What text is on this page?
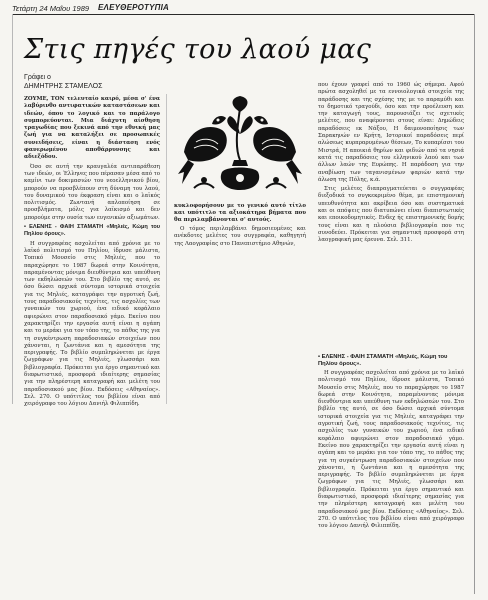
Τετάρτη 24 Μαΐου 1989 ΕΛΕΥΘΕΡΟΤΥΠΙΑ
Στις πηγές του λαού μας
Γράφει ο
ΔΗΜΗΤΡΗΣ ΣΤΑΜΕΛΟΣ

ΖΟΥΜΕ, ΤΟΝ τελευταίο καιρό, μέσα σ' ένα λαβύρινθο αντιφατικών καταστάσεων και ιδεών, όπου το λογικό και το παράλογο συμπορεύονται. Μια διάχυτη αίσθηση τραγωδίας που ξεκινά από την εθνική μας ζωή για να καταλήξει σε προσωπικές συνειδήσεις, είναι η διάσταση ενός φανερωμένου αποθάρρυνσης και αδιεξόδου.

Όσο σε αυτή την κραυγαλέα αντιπαράθεση των ιδεών, οι Έλληνες που πέρασαν μέσα από το καμίνι των δοκιμασιών του νεοελληνικού βίου, μπορούν να προσβλέπουν στη δύναμη του λαού, του δυναμικού του έκφραση είναι και ο λαϊκός πολιτισμός. Ζωντανή απλοποίηση σε προσβλήματα, μόλις για λαϊκισμό και δεν μπορούμε στην ουσία των ευγενικών αξιωμάτων.

• ΕΛΕΝΗΣ - ΦΑΙΗ ΣΤΑΜΑΤΗ «Μηλιές, Κώμη του Πηλίου όρους».

Η συγγραφέας ασχολείται από χρόνια με το λαϊκό πολιτισμό του Πηλίου, ίδρυσε μάλιστα, Τοπικό Μουσείο στις Μηλιές, που το παραχώρησε το 1987 δωρεά στην Κοινότητα, παραμένοντας μόνιμα διευθύντρια και υπεύθυνη των εκδηλώσεών του. Στο βιβλίο της αυτό, σε όσο δώσει αρχικά σύντομα ιστορικά στοιχεία για τις Μηλιές, καταγράφει την αγροτική ζωή, τους παραδοσιακούς τεχνίτες, τις ασχολίες των γυναικών του χωριού, ένα ειδικό κεφάλαιο αφιερώνει στον παραδοσιακό γάμο. Εκείνο που χαρακτηρίζει την εργασία αυτή είναι η αγάπη και το μεράκι για τον τόπο της, το πάθος της για τη συγκέντρωση παραδοσιακών στοιχείων που χάνονται, η ζωντάνια και η αμεσότητα της περιγραφής. Το βιβλίο συμπληρώνεται με έργα ζωγράφων για τις Μηλιές, γλωσσάρι και βιβλιογραφία. Πρόκειται για έργο σημαντικό και διαφωτιστικό, προσφορά ιδιαίτερης σημασίας για την πληρέστερη καταγραφή και μελέτη του παραδοσιακού μας βίου. Εκδόσεις «Αθηναίος». Σελ. 270. Ο υπότιτλος του βιβλίου είναι από χειρόγραφο του λόγιου Δανιήλ Φιλιππίδη.

κυκλοφορήσουν με το γενικό αυτό τίτλο και υπότιτλο τα αξιοκάτηρα βήματα που θα περιλαμβάνονται σ' αυτούς.

Ο τόμος περιλαμβάνει δημοσιευμένες και ανέκδοτες μελέτες του συγγραφέα, καθηγητή της Λαογραφίας στο Πανεπιστήμιο Αθηνών,

που έχουν γραφεί από το 1960 ώς σήμερα. Αφού πρώτα ασχοληθεί με τα εννοιολογικά στοιχεία της παράδοσης και της σχέσης της με το παραμύθι και το δημοτικό τραγούδι, όσο και την προέλευση και την καταγωγή τους, παρουσιάζει τις σχετικές μελέτες, που αναφέρονται στους είναι: Δημώδεις παραδόσεις εκ Νάξου, Η δαιμονοποίησις των Σαρακηνών εν Κρήτη, Ιστορικοί παραδόσεις περί αλώσεως κυρπραρυμένων θέσεων, Το κυπαρίσσι του Μιστρά, Η αποικιά θηρίων και φιδιών από τα νησιά κατά τις παραδόσεις του ελληνικού λαού και των άλλων λαών της Ευρώπης. Η παράδοση για την αναβίωση των ταγανισμένων ψαριών κατά την άλωση της Πόλης, κ.ά.

Στις μελέτες διαπραγματεύεται ο συγγραφέας διεξοδικά το συγκεκριμένο θέμα, με επιστημονική υπευθυνότητα και ακρίβεια όσο και συστηματικά και οι απόψεις που διατυπώνει είναι διαπιστωτικές και εποικοδομητικές. Ενδεχ ής επιστημονικής δομής τους είναι και η πλούσια βιβλιογραφία που τις συνοδεύει. Πρόκειται για σημαντική προσφορά στη λαογραφική μας έρευνα. Σελ. 311.

• ΕΛΕΝΗΣ - ΦΑΙΗ ΣΤΑΜΑΤΗ «Μηλιές, Κώμη του Πηλίου όρους».

Η συγγραφέας ασχολείται από χρόνια με το λαϊκό πολιτισμό του Πηλίου, ίδρυσε μάλιστα, Τοπικό Μουσείο στις Μηλιές, που το παραχώρησε το 1987 δωρεά στην Κοινότητα, παραμένοντας μόνιμα διευθύντρια και υπεύθυνη των εκδηλώσεών του. Στο βιβλίο της αυτό, σε όσο δώσει αρχικά σύντομα ιστορικά στοιχεία για τις Μηλιές, καταγράφει την αγροτική ζωή, τους παραδοσιακούς τεχνίτες, τις ασχολίες των γυναικών του χωριού, ένα ειδικό κεφάλαιο αφιερώνει στον παραδοσιακό γάμο. Εκείνο που χαρακτηρίζει την εργασία αυτή είναι η αγάπη και το μεράκι για τον τόπο της, το πάθος της για τη συγκέντρωση παραδοσιακών στοιχείων που χάνονται, η ζωντάνια και η αμεσότητα της περιγραφής. Το βιβλίο συμπληρώνεται με έργα ζωγράφων για τις Μηλιές, γλωσσάρι και βιβλιογραφία. Πρόκειται για έργο σημαντικό και διαφωτιστικό, προσφορά ιδιαίτερης σημασίας για την πληρέστερη καταγραφή και μελέτη του παραδοσιακού μας βίου. Εκδόσεις «Αθηναίος». Σελ. 270. Ο υπότιτλος του βιβλίου είναι από χειρόγραφο του λόγιου Δανιήλ Φιλιππίδη.
